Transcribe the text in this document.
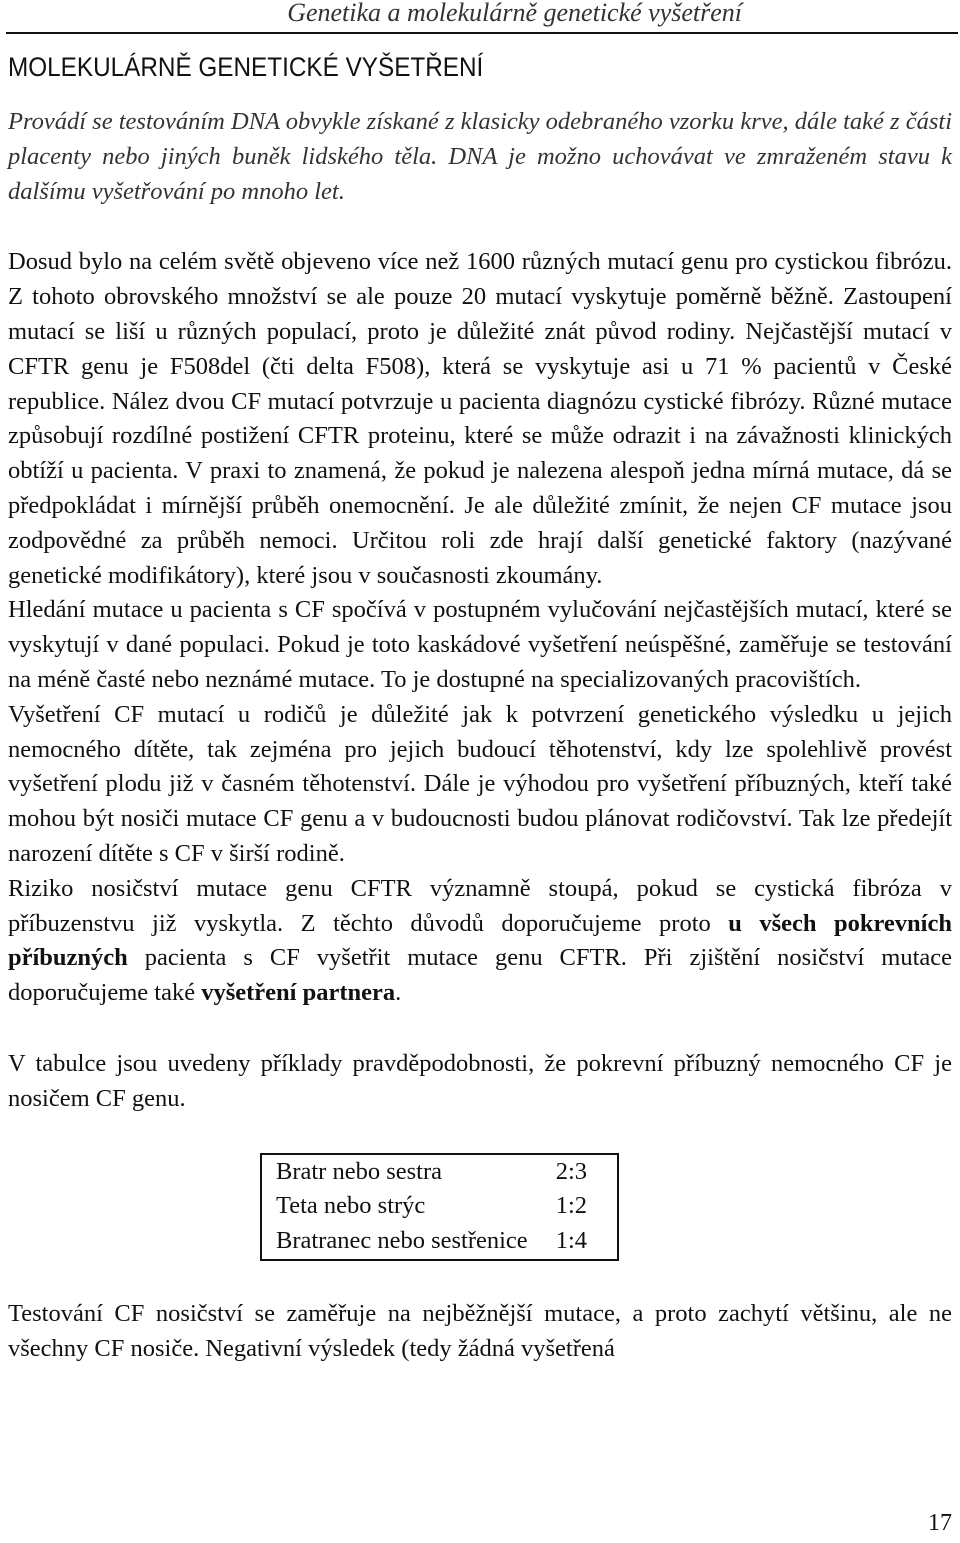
Genetika a molekulárně genetické vyšetření
MOLEKULÁRNĚ GENETICKÉ VYŠETŘENÍ

Provádí se testováním DNA obvykle získané z klasicky odebraného vzorku krve, dále také z části placenty nebo jiných buněk lidského těla. DNA je možno uchovávat ve zmraženém stavu k dalšímu vyšetřování po mnoho let.

Dosud bylo na celém světě objeveno více než 1600 různých mutací genu pro cystickou fibrózu. Z tohoto obrovského množství se ale pouze 20 mutací vyskytuje poměrně běžně. Zastoupení mutací se liší u různých populací, proto je důležité znát původ rodiny. Nejčastější mutací v CFTR genu je F508del (čti delta F508), která se vyskytuje asi u 71 % pacientů v České republice. Nález dvou CF mutací potvrzuje u pacienta diagnózu cystické fibrózy. Různé mutace způsobují rozdílné postižení CFTR proteinu, které se může odrazit i na závažnosti klinických obtíží u pacienta. V praxi to znamená, že pokud je nalezena alespoň jedna mírná mutace, dá se předpokládat i mírnější průběh onemocnění. Je ale důležité zmínit, že nejen CF mutace jsou zodpovědné za průběh nemoci. Určitou roli zde hrají další genetické faktory (nazývané genetické modifikátory), které jsou v současnosti zkoumány.

Hledání mutace u pacienta s CF spočívá v postupném vylučování nejčastějších mutací, které se vyskytují v dané populaci. Pokud je toto kaskádové vyšetření neúspěšné, zaměřuje se testování na méně časté nebo neznámé mutace. To je dostupné na specializovaných pracovištích.

Vyšetření CF mutací u rodičů je důležité jak k potvrzení genetického výsledku u jejich nemocného dítěte, tak zejména pro jejich budoucí těhotenství, kdy lze spolehlivě provést vyšetření plodu již v časném těhotenství. Dále je výhodou pro vyšetření příbuzných, kteří také mohou být nosiči mutace CF genu a v budoucnosti budou plánovat rodičovství. Tak lze předejít narození dítěte s CF v širší rodině.

Riziko nosičství mutace genu CFTR významně stoupá, pokud se cystická fibróza v příbuzenstvu již vyskytla. Z těchto důvodů doporučujeme proto u všech pokrevních příbuzných pacienta s CF vyšetřit mutace genu CFTR. Při zjištění nosičství mutace doporučujeme také vyšetření partnera.

V tabulce jsou uvedeny příklady pravděpodobnosti, že pokrevní příbuzný nemocného CF je nosičem CF genu.

Bratr nebo sestra	2:3
Teta nebo strýc	1:2
Bratranec nebo sestřenice	1:4

Testování CF nosičství se zaměřuje na nejběžnější mutace, a proto zachytí většinu, ale ne všechny CF nosiče. Negativní výsledek (tedy žádná vyšetřená

17
